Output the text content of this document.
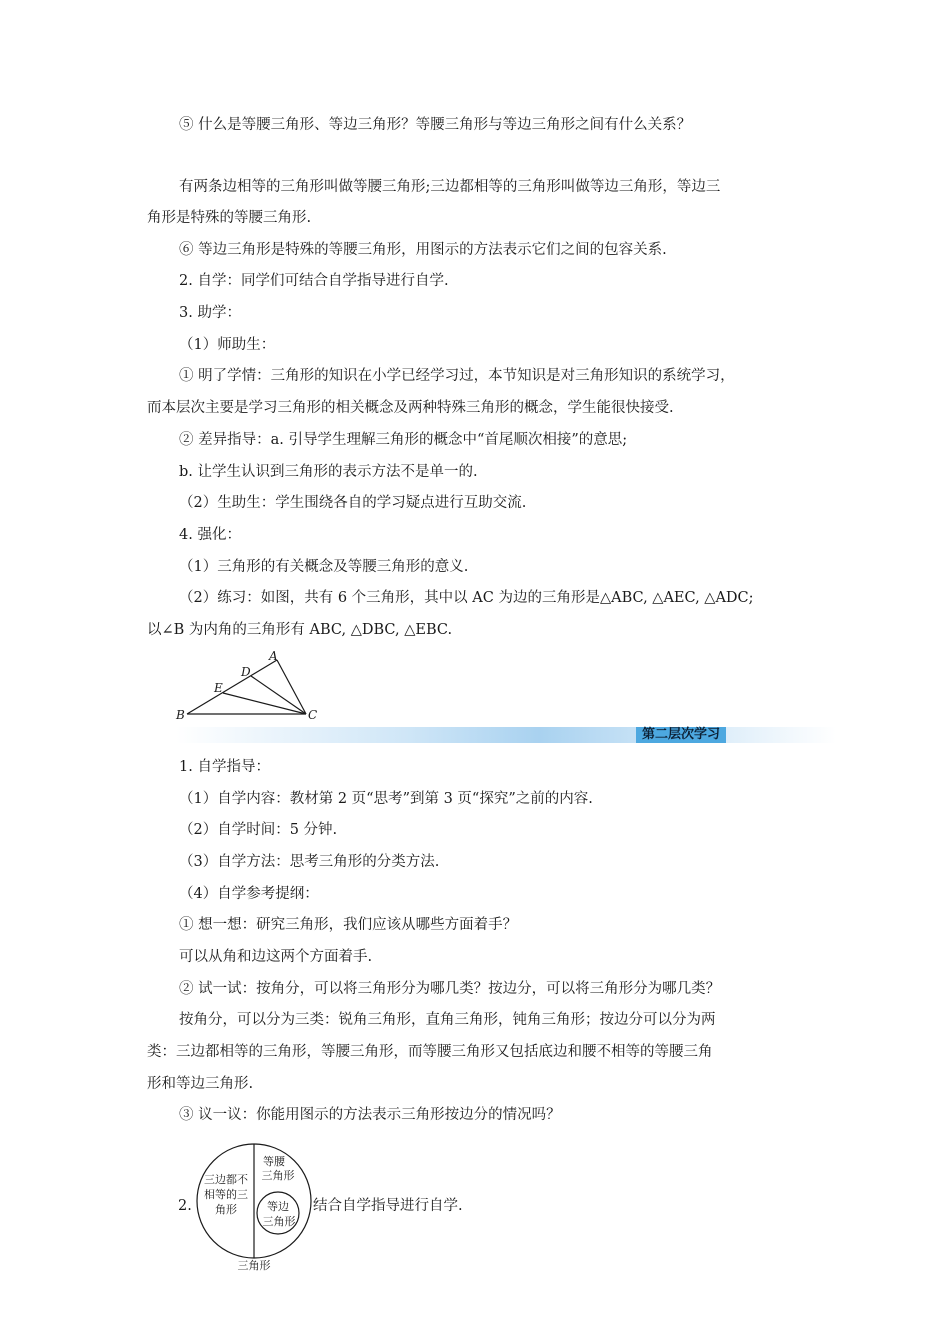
⑤ 什么是等腰三角形、等边三角形？等腰三角形与等边三角形之间有什么关系？
有两条边相等的三角形叫做等腰三角形;三边都相等的三角形叫做等边三角形，等边三
角形是特殊的等腰三角形.
⑥ 等边三角形是特殊的等腰三角形，用图示的方法表示它们之间的包容关系.
2. 自学：同学们可结合自学指导进行自学.
3. 助学：
（1）师助生：
① 明了学情：三角形的知识在小学已经学习过，本节知识是对三角形知识的系统学习，
而本层次主要是学习三角形的相关概念及两种特殊三角形的概念，学生能很快接受.
② 差异指导：a. 引导学生理解三角形的概念中“首尾顺次相接”的意思;
b. 让学生认识到三角形的表示方法不是单一的.
（2）生助生：学生围绕各自的学习疑点进行互助交流.
4. 强化：
（1）三角形的有关概念及等腰三角形的意义.
（2）练习：如图，共有 6 个三角形，其中以 AC 为边的三角形是△ABC, △AEC, △ADC;
以∠B 为内角的三角形有 ABC, △DBC, △EBC.
A
D
E
B	C
第二层次学习
1. 自学指导：
（1）自学内容：教材第 2 页“思考”到第 3 页“探究”之前的内容.
（2）自学时间：5 分钟.
（3）自学方法：思考三角形的分类方法.
（4）自学参考提纲：
① 想一想：研究三角形，我们应该从哪些方面着手？
可以从角和边这两个方面着手.
② 试一试：按角分，可以将三角形分为哪几类？按边分，可以将三角形分为哪几类？
按角分，可以分为三类：锐角三角形，直角三角形，钝角三角形；按边分可以分为两
类：三边都相等的三角形，等腰三角形，而等腰三角形又包括底边和腰不相等的等腰三角
形和等边三角形.
③ 议一议：你能用图示的方法表示三角形按边分的情况吗？
三边都不
相等的三
角形
等腰
三角形
等边
三角形
三角形
2.	结合自学指导进行自学.
